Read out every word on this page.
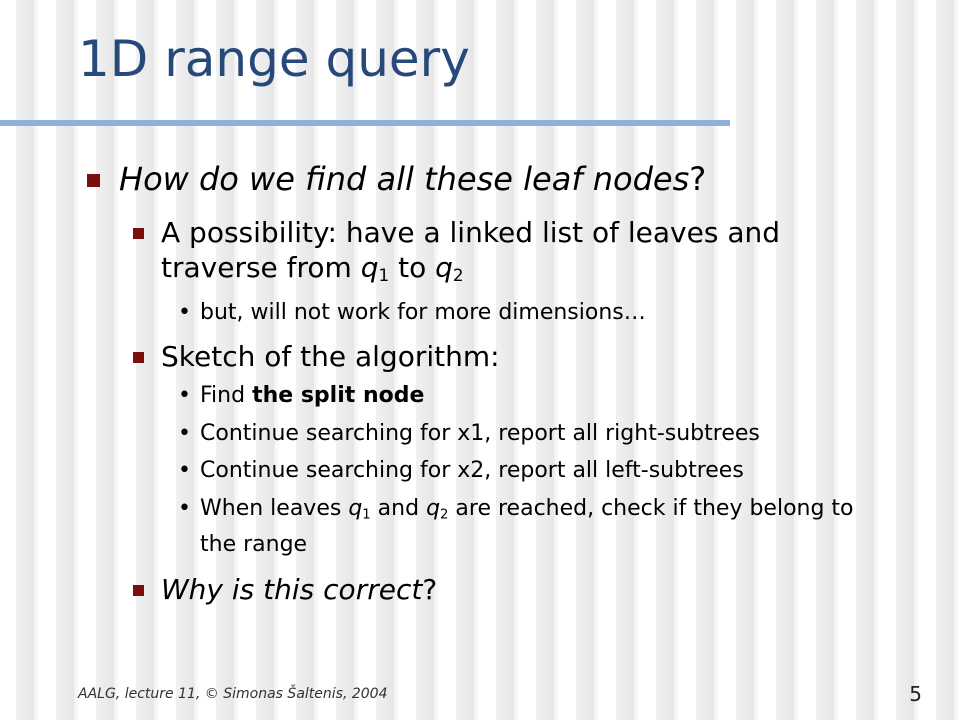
1D range query
How do we find all these leaf nodes?
A possibility: have a linked list of leaves and traverse from $q_1$ to $q_2$
• but, will not work for more dimensions…
Sketch of the algorithm:
• Find the split node
• Continue searching for x1, report all right-subtrees
• Continue searching for x2, report all left-subtrees
• When leaves $q_1$ and $q_2$ are reached, check if they belong to the range
Why is this correct?
AALG, lecture 11, © Simonas Šaltenis, 2004	5
